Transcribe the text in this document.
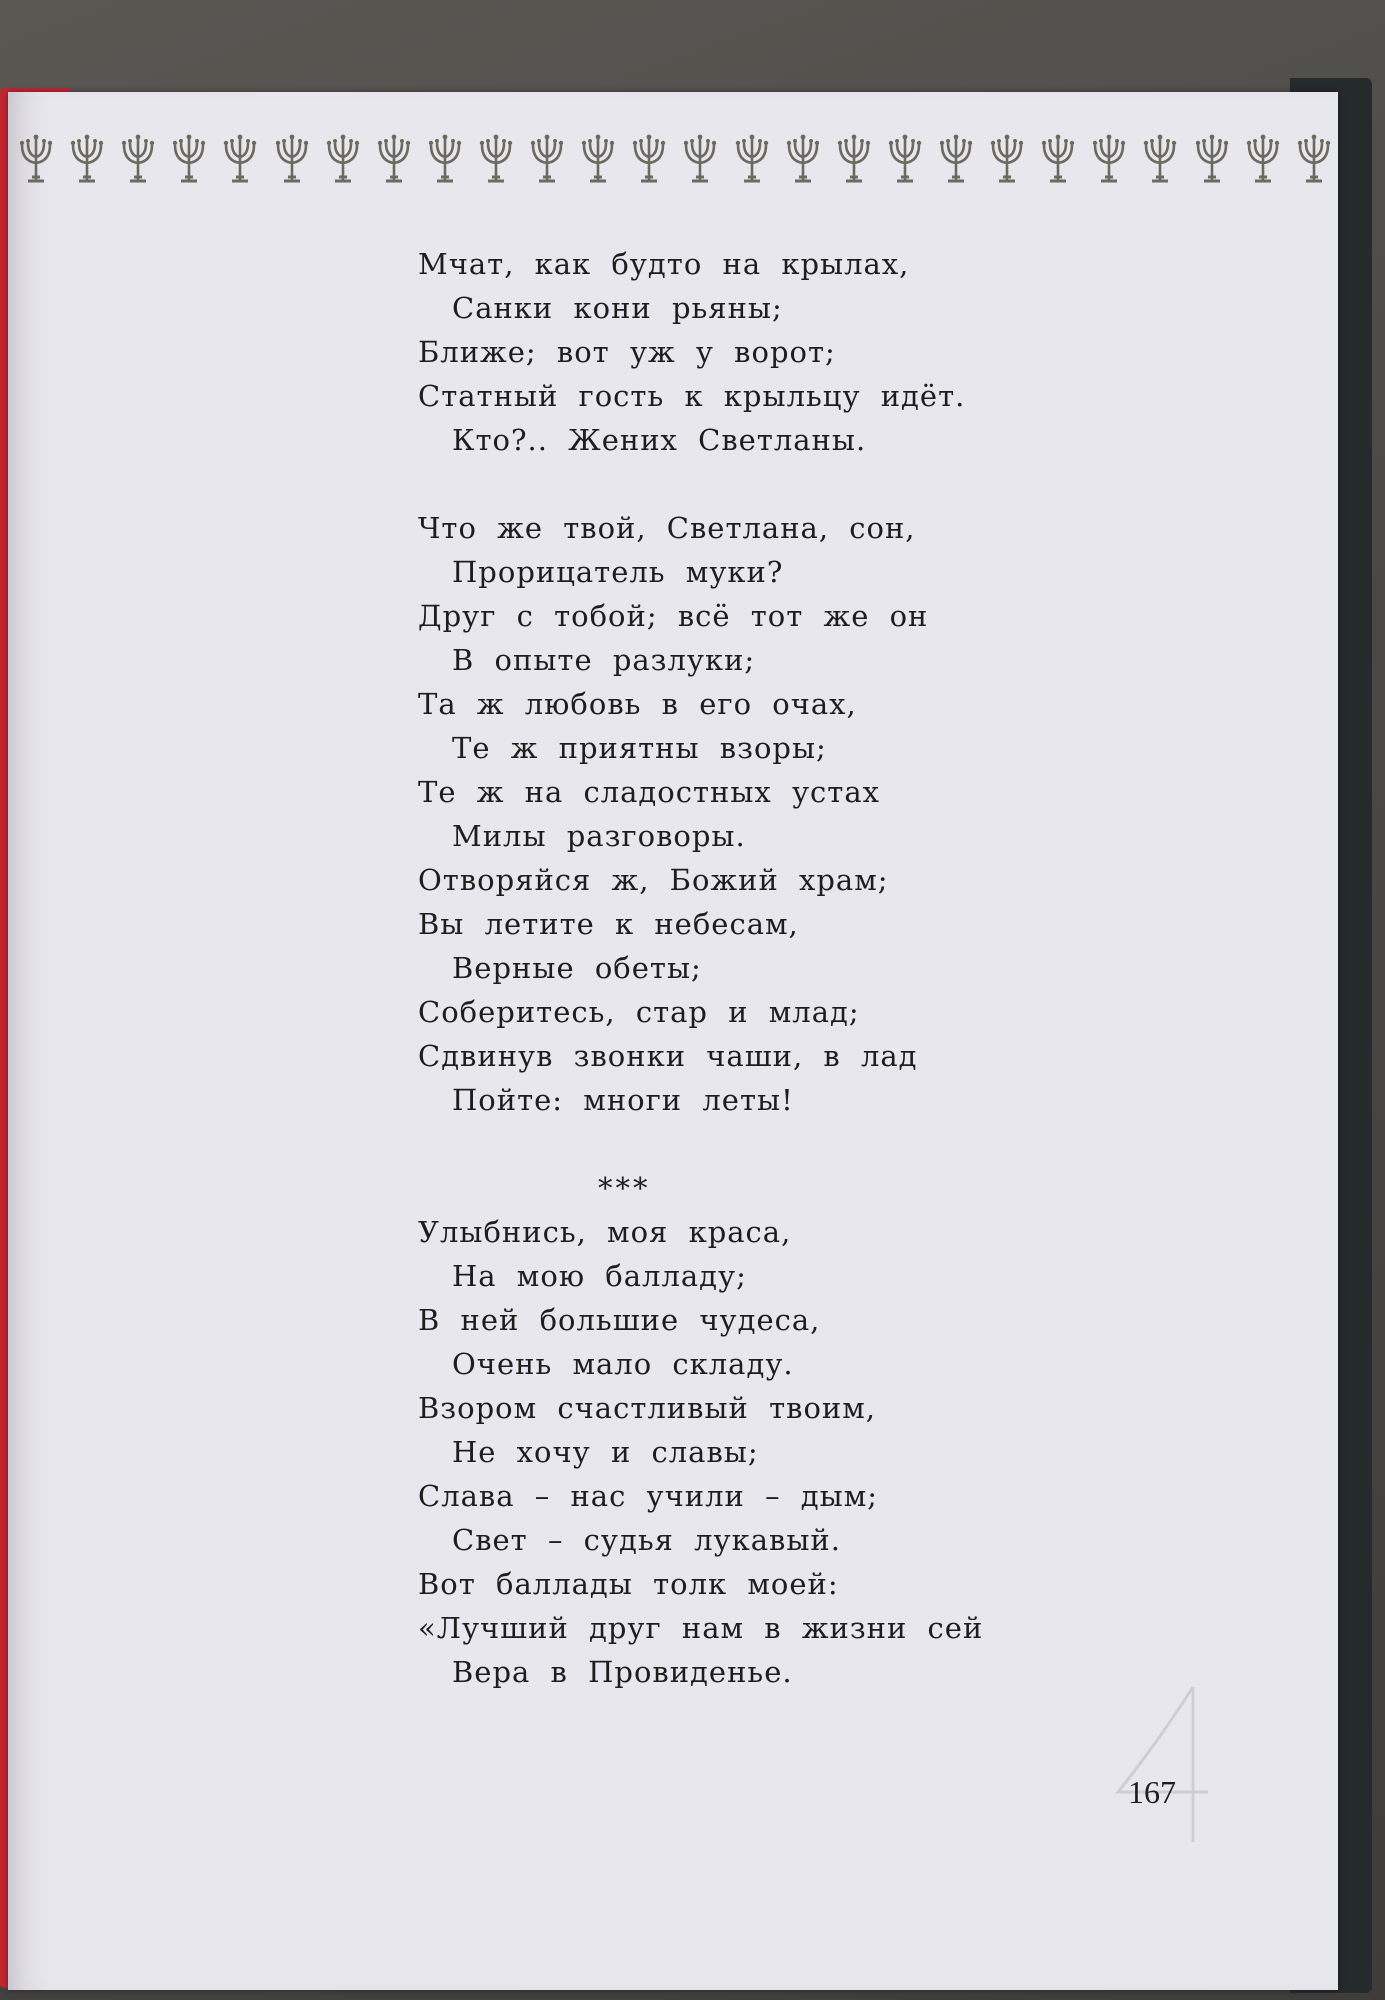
Мчат, как будто на крылах,
Санки кони рьяны;
Ближе; вот уж у ворот;
Статный гость к крыльцу идёт.
Кто?.. Жених Светланы.
Что же твой, Светлана, сон,
Прорицатель муки?
Друг с тобой; всё тот же он
В опыте разлуки;
Та ж любовь в его очах,
Те ж приятны взоры;
Те ж на сладостных устах
Милы разговоры.
Отворяйся ж, Божий храм;
Вы летите к небесам,
Верные обеты;
Соберитесь, стар и млад;
Сдвинув звонки чаши, в лад
Пойте: многи леты!
***
Улыбнись, моя краса,
На мою балладу;
В ней большие чудеса,
Очень мало складу.
Взором счастливый твоим,
Не хочу и славы;
Слава – нас учили – дым;
Свет – судья лукавый.
Вот баллады толк моей:
«Лучший друг нам в жизни сей
Вера в Провиденье.
167
